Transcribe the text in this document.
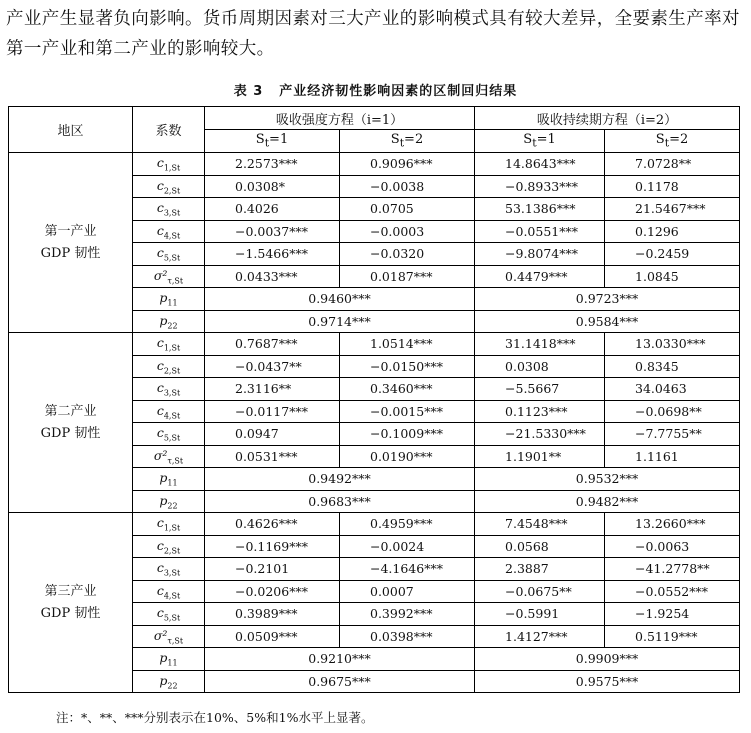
产业产生显著负向影响。货币周期因素对三大产业的影响模式具有较大差异，全要素生产率对第一产业和第二产业的影响较大。
表 3 产业经济韧性影响因素的区制回归结果
地区	系数	吸收强度方程（i=1）		吸收持续期方程（i=2）	
		$S_t=1$	$S_t=2$	$S_t=1$	$S_t=2$

第一产业
GDP 韧性	$c_{1,St}$	2.2573***	0.9096***	14.8643***	7.0728**
	$c_{2,St}$	0.0308*	−0.0038	−0.8933***	0.1178
	$c_{3,St}$	0.4026	0.0705	53.1386***	21.5467***
	$c_{4,St}$	−0.0037***	−0.0003	−0.0551***	0.1296
	$c_{5,St}$	−1.5466***	−0.0320	−9.8074***	−0.2459
	$\sigma^2_{\tau,St}$	0.0433***	0.0187***	0.4479***	1.0845
	$p_{11}$	0.9460***		0.9723***	
	$p_{22}$	0.9714***		0.9584***	

第二产业
GDP 韧性	$c_{1,St}$	0.7687***	1.0514***	31.1418***	13.0330***
	$c_{2,St}$	−0.0437**	−0.0150***	0.0308	0.8345
	$c_{3,St}$	2.3116**	0.3460***	−5.5667	34.0463
	$c_{4,St}$	−0.0117***	−0.0015***	0.1123***	−0.0698**
	$c_{5,St}$	0.0947	−0.1009***	−21.5330***	−7.7755**
	$\sigma^2_{\tau,St}$	0.0531***	0.0190***	1.1901**	1.1161
	$p_{11}$	0.9492***		0.9532***	
	$p_{22}$	0.9683***		0.9482***	

第三产业
GDP 韧性	$c_{1,St}$	0.4626***	0.4959***	7.4548***	13.2660***
	$c_{2,St}$	−0.1169***	−0.0024	0.0568	−0.0063
	$c_{3,St}$	−0.2101	−4.1646***	2.3887	−41.2778**
	$c_{4,St}$	−0.0206***	0.0007	−0.0675**	−0.0552***
	$c_{5,St}$	0.3989***	0.3992***	−0.5991	−1.9254
	$\sigma^2_{\tau,St}$	0.0509***	0.0398***	1.4127***	0.5119***
	$p_{11}$	0.9210***		0.9909***	
	$p_{22}$	0.9675***		0.9575***	
注：*、**、***分别表示在10%、5%和1%水平上显著。
